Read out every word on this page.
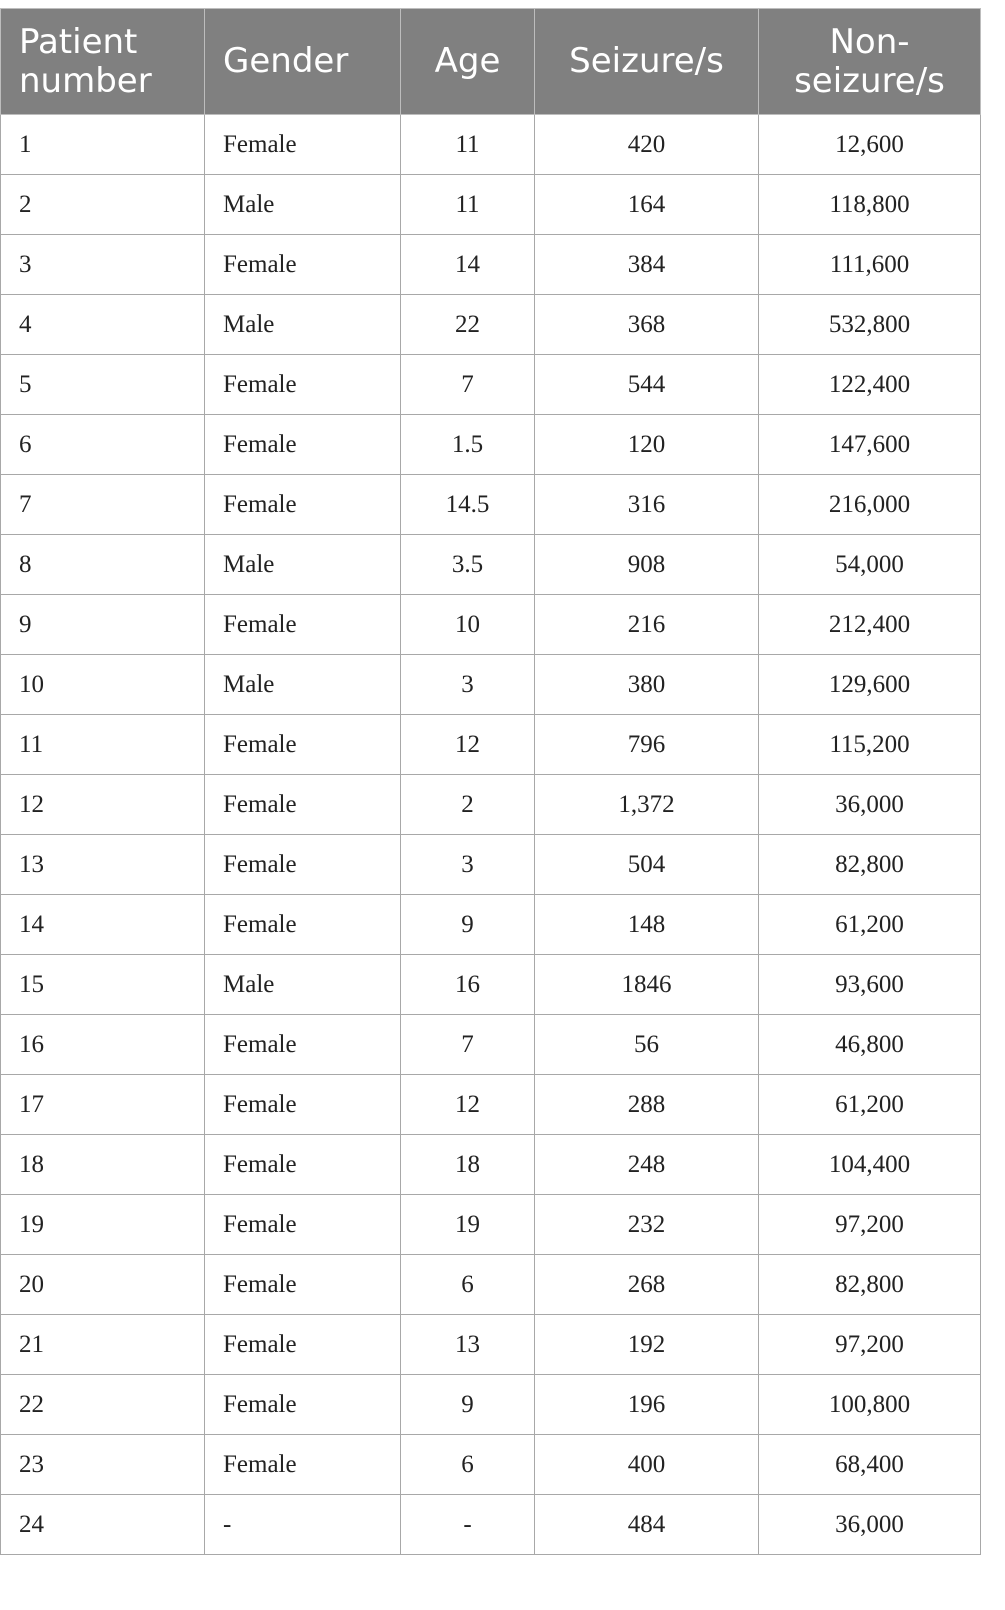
Patient number	Gender	Age	Seizure/s	Non-seizure/s
1	Female	11	420	12,600
2	Male	11	164	118,800
3	Female	14	384	111,600
4	Male	22	368	532,800
5	Female	7	544	122,400
6	Female	1.5	120	147,600
7	Female	14.5	316	216,000
8	Male	3.5	908	54,000
9	Female	10	216	212,400
10	Male	3	380	129,600
11	Female	12	796	115,200
12	Female	2	1,372	36,000
13	Female	3	504	82,800
14	Female	9	148	61,200
15	Male	16	1846	93,600
16	Female	7	56	46,800
17	Female	12	288	61,200
18	Female	18	248	104,400
19	Female	19	232	97,200
20	Female	6	268	82,800
21	Female	13	192	97,200
22	Female	9	196	100,800
23	Female	6	400	68,400
24	-	-	484	36,000
